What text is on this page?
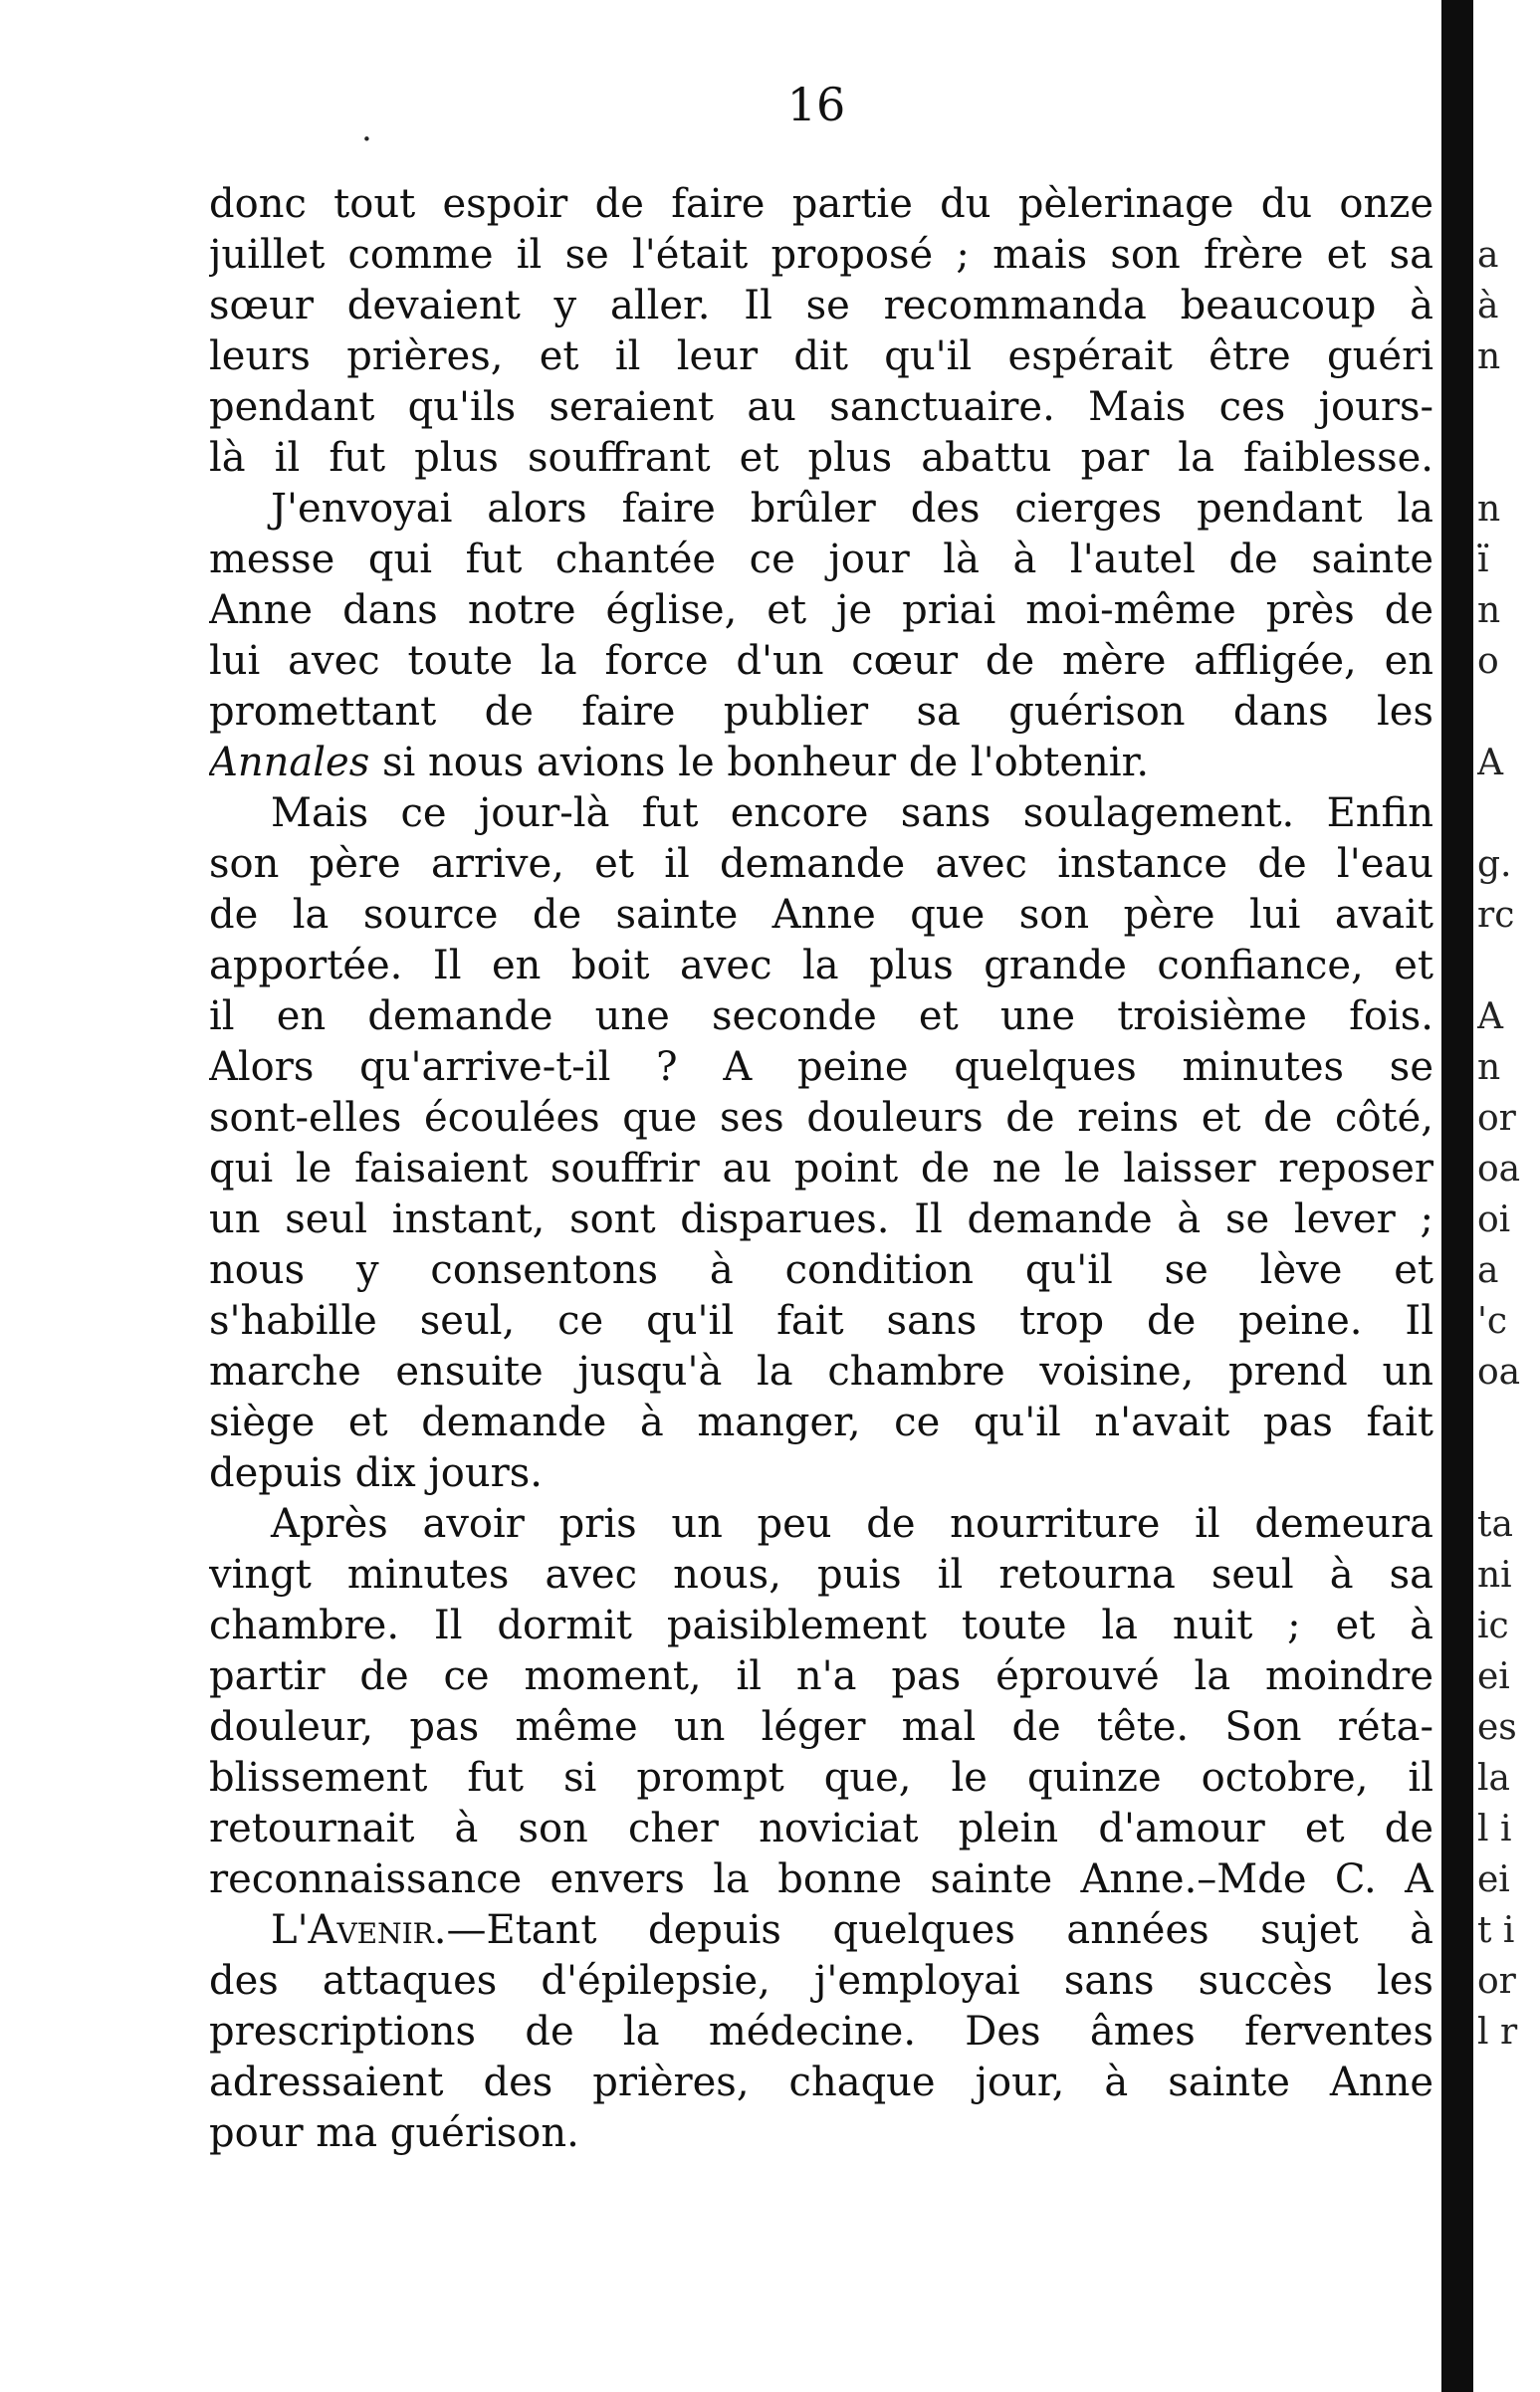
16
.
donc tout espoir de faire partie du pèlerinage du onze
juillet comme il se l'était proposé ; mais son frère et sa
sœur devaient y aller. Il se recommanda beaucoup à
leurs prières, et il leur dit qu'il espérait être guéri
pendant qu'ils seraient au sanctuaire. Mais ces jours-
là il fut plus souffrant et plus abattu par la faiblesse.
J'envoyai alors faire brûler des cierges pendant la
messe qui fut chantée ce jour là à l'autel de sainte
Anne dans notre église, et je priai moi-même près de
lui avec toute la force d'un cœur de mère affligée, en
promettant de faire publier sa guérison dans les
Annales si nous avions le bonheur de l'obtenir.
Mais ce jour-là fut encore sans soulagement. Enfin
son père arrive, et il demande avec instance de l'eau
de la source de sainte Anne que son père lui avait
apportée. Il en boit avec la plus grande confiance, et
il en demande une seconde et une troisième fois.
Alors qu'arrive-t-il ? A peine quelques minutes se
sont-elles écoulées que ses douleurs de reins et de côté,
qui le faisaient souffrir au point de ne le laisser reposer
un seul instant, sont disparues. Il demande à se lever ;
nous y consentons à condition qu'il se lève et
s'habille seul, ce qu'il fait sans trop de peine. Il
marche ensuite jusqu'à la chambre voisine, prend un
siège et demande à manger, ce qu'il n'avait pas fait
depuis dix jours.
Après avoir pris un peu de nourriture il demeura
vingt minutes avec nous, puis il retourna seul à sa
chambre. Il dormit paisiblement toute la nuit ; et à
partir de ce moment, il n'a pas éprouvé la moindre
douleur, pas même un léger mal de tête. Son réta-
blissement fut si prompt que, le quinze octobre, il
retournait à son cher noviciat plein d'amour et de
reconnaissance envers la bonne sainte Anne.–Mde C. A
L'Avenir.—Etant depuis quelques années sujet à
des attaques d'épilepsie, j'employai sans succès les
prescriptions de la médecine. Des âmes ferventes
adressaient des prières, chaque jour, à sainte Anne
pour ma guérison.
a
à
n
n
ï
n
o
A
g.
rc
A
n
or
oa
oi
a
'c
oa
ta
ni
ic
ei
es
la
l i
ei
t i
or
l r
